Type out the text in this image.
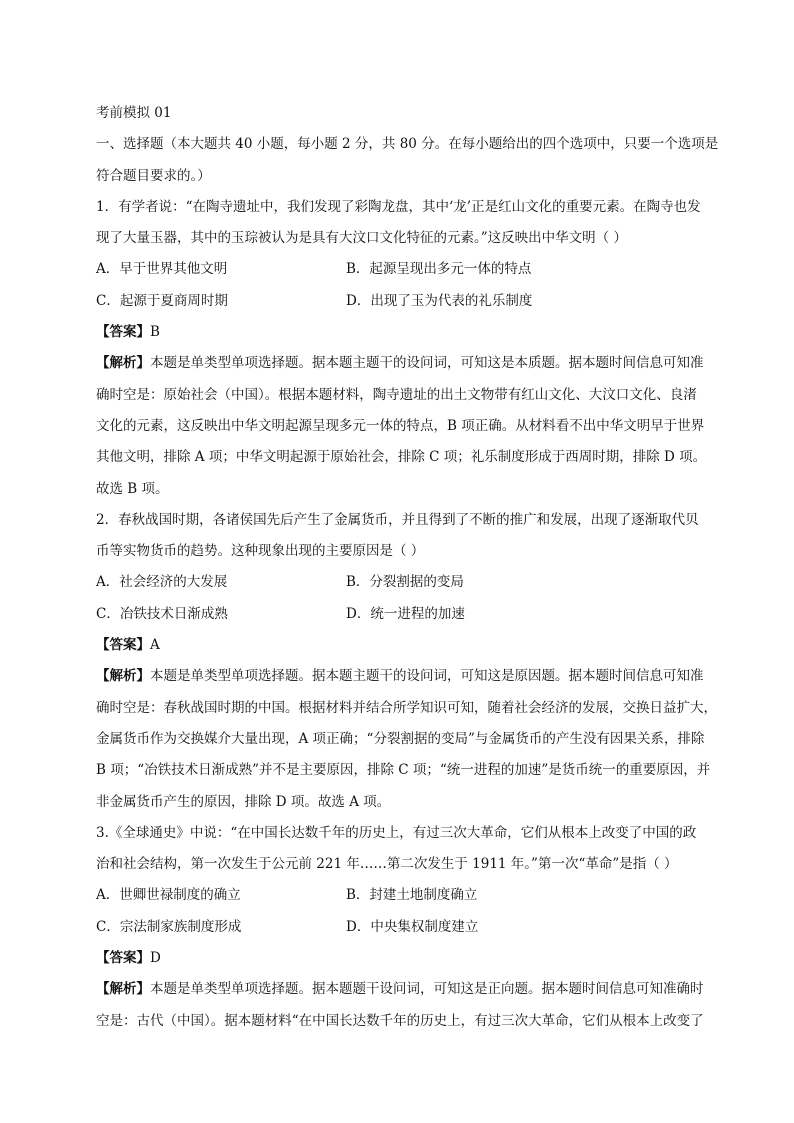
考前模拟 01
一、选择题（本大题共 40 小题，每小题 2 分，共 80 分。在每小题给出的四个选项中，只要一个选项是
符合题目要求的。）
1．有学者说：“在陶寺遗址中，我们发现了彩陶龙盘，其中‘龙’正是红山文化的重要元素。在陶寺也发
现了大量玉器，其中的玉琮被认为是具有大汶口文化特征的元素。”这反映出中华文明（ ）
A．早于世界其他文明	B．起源呈现出多元一体的特点
C．起源于夏商周时期	D．出现了玉为代表的礼乐制度
【答案】B
【解析】本题是单类型单项选择题。据本题主题干的设问词，可知这是本质题。据本题时间信息可知准
确时空是：原始社会（中国）。根据本题材料，陶寺遗址的出土文物带有红山文化、大汶口文化、良渚
文化的元素，这反映出中华文明起源呈现多元一体的特点，B 项正确。从材料看不出中华文明早于世界
其他文明，排除 A 项；中华文明起源于原始社会，排除 C 项；礼乐制度形成于西周时期，排除 D 项。
故选 B 项。
2．春秋战国时期，各诸侯国先后产生了金属货币，并且得到了不断的推广和发展，出现了逐渐取代贝
币等实物货币的趋势。这种现象出现的主要原因是（ ）
A．社会经济的大发展	B．分裂割据的变局
C．冶铁技术日渐成熟	D．统一进程的加速
【答案】A
【解析】本题是单类型单项选择题。据本题主题干的设问词，可知这是原因题。据本题时间信息可知准
确时空是：春秋战国时期的中国。根据材料并结合所学知识可知，随着社会经济的发展，交换日益扩大，
金属货币作为交换媒介大量出现，A 项正确；“分裂割据的变局”与金属货币的产生没有因果关系，排除
B 项；“冶铁技术日渐成熟”并不是主要原因，排除 C 项；“统一进程的加速”是货币统一的重要原因，并
非金属货币产生的原因，排除 D 项。故选 A 项。
3.《全球通史》中说：“在中国长达数千年的历史上，有过三次大革命，它们从根本上改变了中国的政
治和社会结构，第一次发生于公元前 221 年……第二次发生于 1911 年。”第一次“革命”是指（ ）
A．世卿世禄制度的确立	B．封建土地制度确立
C．宗法制家族制度形成	D．中央集权制度建立
【答案】D
【解析】本题是单类型单项选择题。据本题题干设问词，可知这是正向题。据本题时间信息可知准确时
空是：古代（中国）。据本题材料“在中国长达数千年的历史上，有过三次大革命，它们从根本上改变了
